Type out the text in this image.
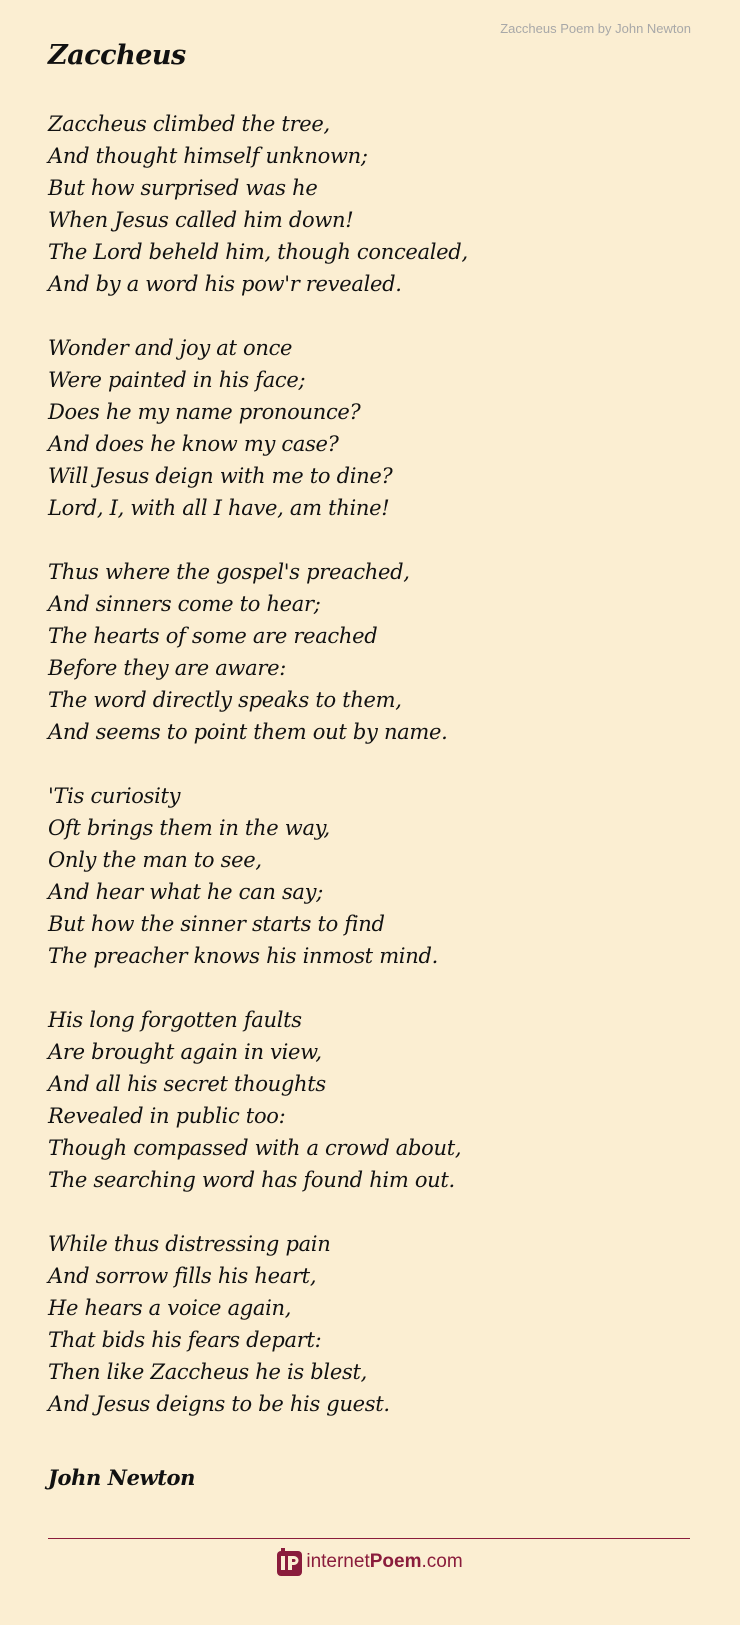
Zaccheus Poem by John Newton
Zaccheus
Zaccheus climbed the tree,
And thought himself unknown;
But how surprised was he
When Jesus called him down!
The Lord beheld him, though concealed,
And by a word his pow'r revealed.
Wonder and joy at once
Were painted in his face;
Does he my name pronounce?
And does he know my case?
Will Jesus deign with me to dine?
Lord, I, with all I have, am thine!
Thus where the gospel's preached,
And sinners come to hear;
The hearts of some are reached
Before they are aware:
The word directly speaks to them,
And seems to point them out by name.
'Tis curiosity
Oft brings them in the way,
Only the man to see,
And hear what he can say;
But how the sinner starts to find
The preacher knows his inmost mind.
His long forgotten faults
Are brought again in view,
And all his secret thoughts
Revealed in public too:
Though compassed with a crowd about,
The searching word has found him out.
While thus distressing pain
And sorrow fills his heart,
He hears a voice again,
That bids his fears depart:
Then like Zaccheus he is blest,
And Jesus deigns to be his guest.
John Newton
internetPoem.com
